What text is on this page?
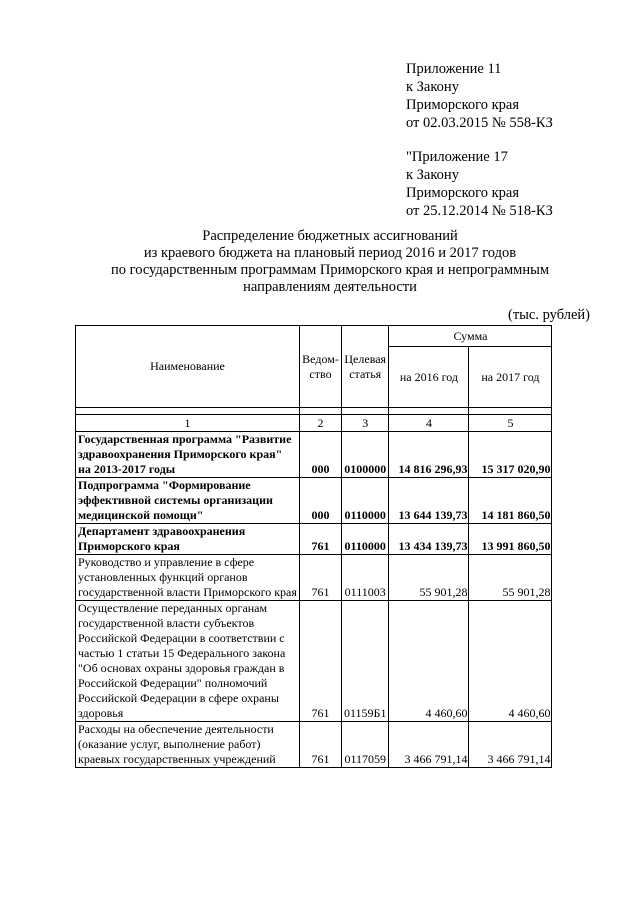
Приложение 11
к Закону
Приморского края
от 02.03.2015 № 558-КЗ
"Приложение 17
к Закону
Приморского края
от 25.12.2014 № 518-КЗ
Распределение бюджетных ассигнований
из краевого бюджета на плановый период 2016 и 2017 годов
по государственным программам Приморского края и непрограммным
направлениям деятельности
(тыс. рублей)
Наименование	Ведом-ство	Целевая статья	Сумма	
			на 2016 год	на 2017 год

1	2	3	4	5
Государственная программа "Развитие здравоохранения Приморского края" на 2013-2017 годы	000	0100000	14 816 296,93	15 317 020,90
Подпрограмма "Формирование эффективной системы организации медицинской помощи"	000	0110000	13 644 139,73	14 181 860,50
Департамент здравоохранения Приморского края	761	0110000	13 434 139,73	13 991 860,50
Руководство и управление в сфере установленных функций органов государственной власти Приморского края	761	0111003	55 901,28	55 901,28
Осуществление переданных органам государственной власти субъектов Российской Федерации в соответствии с частью 1 статьи 15 Федерального закона "Об основах охраны здоровья граждан в Российской Федерации" полномочий Российской Федерации в сфере охраны здоровья	761	01159Б1	4 460,60	4 460,60
Расходы на обеспечение деятельности (оказание услуг, выполнение работ) краевых государственных учреждений	761	0117059	3 466 791,14	3 466 791,14
